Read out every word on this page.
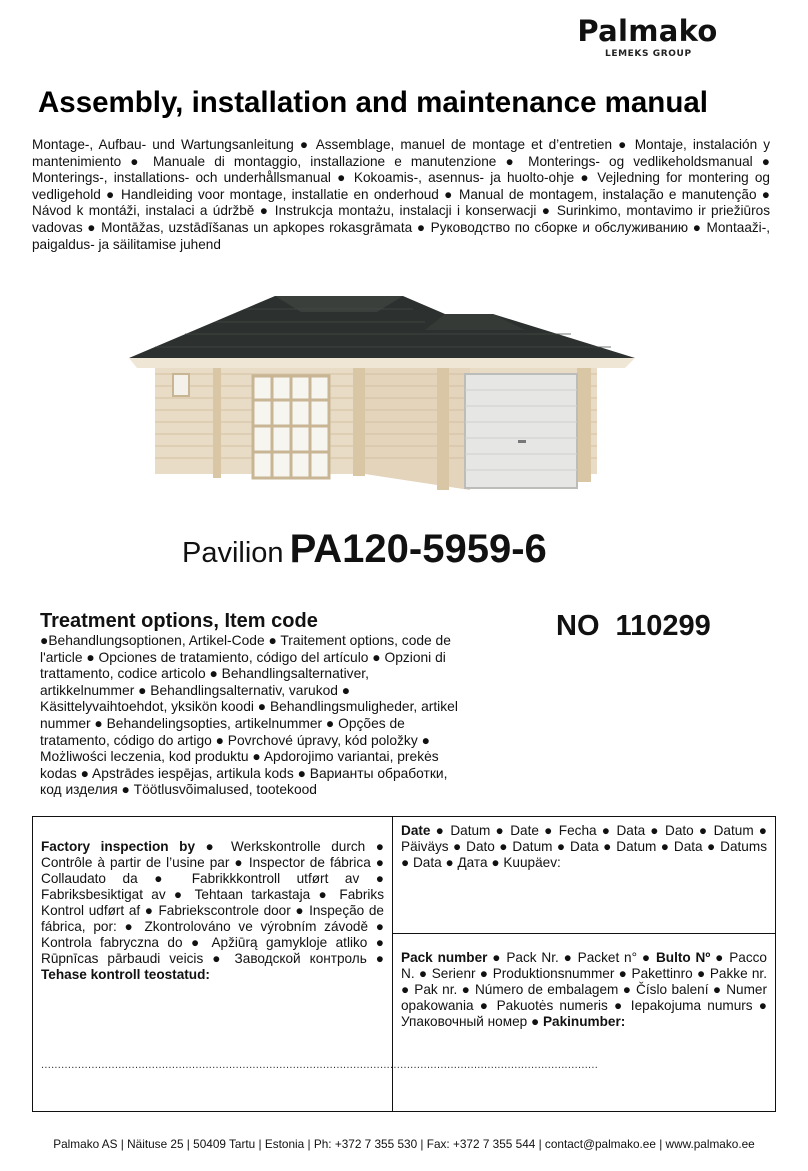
Palmako
LEMEKS GROUP
Assembly, installation and maintenance manual
Montage-, Aufbau- und Wartungsanleitung ● Assemblage, manuel de montage et d’entretien ● Montaje, instalación y mantenimiento ● Manuale di montaggio, installazione e manutenzione ● Monterings- og vedlikeholdsmanual ● Monterings-, installations- och underhållsmanual ● Kokoamis-, asennus- ja huolto-ohje ● Vejledning for montering og vedligehold ● Handleiding voor montage, installatie en onderhoud ● Manual de montagem, instalação e manutenção ● Návod k montáži, instalaci a údržbě ● Instrukcja montażu, instalacji i konserwacji ● Surinkimo, montavimo ir priežiūros vadovas ● Montāžas, uzstādīšanas un apkopes rokasgrāmata ● Руководство по сборке и обслуживанию ● Montaaži-, paigaldus- ja säilitamise juhend
Pavilion PA120-5959-6
Treatment options, Item code
●Behandlungsoptionen, Artikel-Code ● Traitement options, code de l'article ● Opciones de tratamiento, código del artículo ● Opzioni di trattamento, codice articolo ● Behandlingsalternativer, artikkelnummer ● Behandlingsalternativ, varukod ● Käsittelyvaihtoehdot, yksikön koodi ● Behandlingsmuligheder, artikel nummer ● Behandelingsopties, artikelnummer ● Opções de tratamento, código do artigo ● Povrchové úpravy, kód položky ● Możliwości leczenia, kod produktu ● Apdorojimo variantai, prekės kodas ● Apstrādes iespējas, artikula kods ● Варианты обработки, код изделия ● Töötlusvõimalused, tootekood
NO 110299
Factory inspection by ● Werkskontrolle durch ● Contrôle à partir de l’usine par ● Inspector de fábrica ● Collaudato da ● Fabrikkkontroll utført av ● Fabriksbesiktigat av ● Tehtaan tarkastaja ● Fabriks Kontrol udført af ● Fabriekscontrole door ● Inspeção de fábrica, por: ● Zkontrolováno ve výrobním závodě ● Kontrola fabryczna do ● Apžiūrą gamykloje atliko ● Rūpnīcas pārbaudi veicis ● Заводской контроль ● Tehase kontroll teostatud:
......................................................................................................................................................................
Date ● Datum ● Date ● Fecha ● Data ● Dato ● Datum ● Päiväys ● Dato ● Datum ● Data ● Datum ● Data ● Datums ● Data ● Дата ● Kuupäev:
Pack number ● Pack Nr. ● Packet n° ● Bulto Nº ● Pacco N. ● Serienr ● Produktionsnummer ● Pakettinro ● Pakke nr. ● Pak nr. ● Número de embalagem ● Číslo balení ● Numer opakowania ● Pakuotės numeris ● Iepakojuma numurs ● Упаковочный номер ● Pakinumber:
Palmako AS | Näituse 25 | 50409 Tartu | Estonia | Ph: +372 7 355 530 | Fax: +372 7 355 544 | contact@palmako.ee | www.palmako.ee
